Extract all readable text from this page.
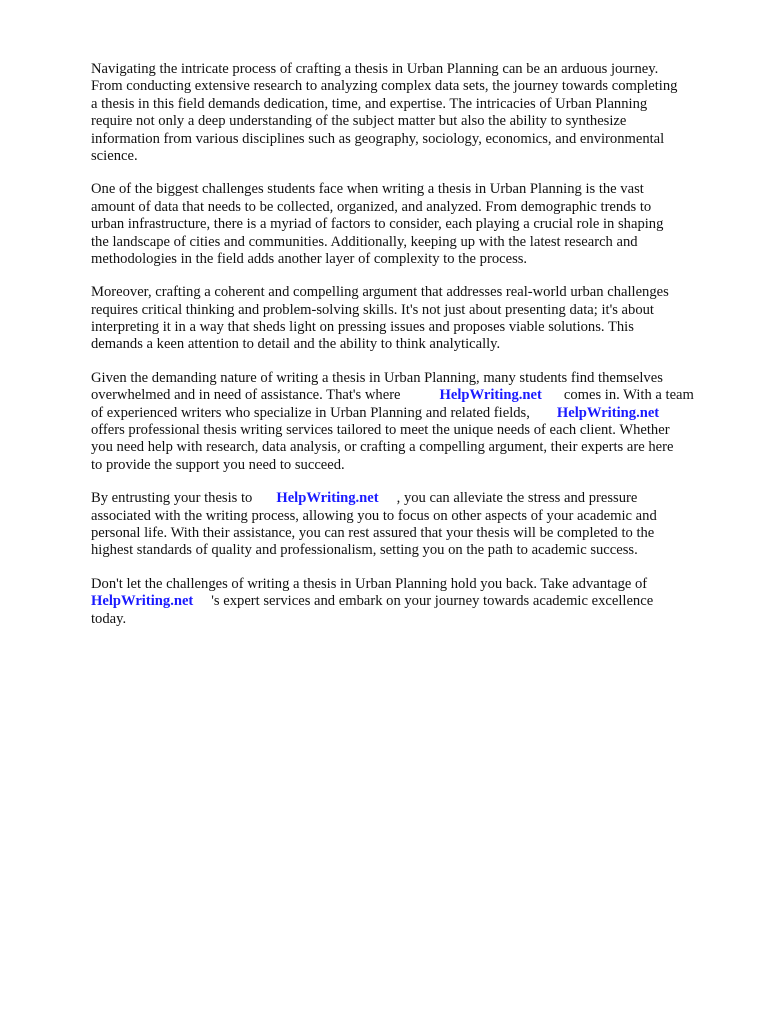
Navigating the intricate process of crafting a thesis in Urban Planning can be an arduous journey.
From conducting extensive research to analyzing complex data sets, the journey towards completing
a thesis in this field demands dedication, time, and expertise. The intricacies of Urban Planning
require not only a deep understanding of the subject matter but also the ability to synthesize
information from various disciplines such as geography, sociology, economics, and environmental
science.

One of the biggest challenges students face when writing a thesis in Urban Planning is the vast
amount of data that needs to be collected, organized, and analyzed. From demographic trends to
urban infrastructure, there is a myriad of factors to consider, each playing a crucial role in shaping
the landscape of cities and communities. Additionally, keeping up with the latest research and
methodologies in the field adds another layer of complexity to the process.

Moreover, crafting a coherent and compelling argument that addresses real-world urban challenges
requires critical thinking and problem-solving skills. It's not just about presenting data; it's about
interpreting it in a way that sheds light on pressing issues and proposes viable solutions. This
demands a keen attention to detail and the ability to think analytically.

Given the demanding nature of writing a thesis in Urban Planning, many students find themselves
overwhelmed and in need of assistance. That's where	HelpWriting.net comes in. With a team
of experienced writers who specialize in Urban Planning and related fields, HelpWriting.net
offers professional thesis writing services tailored to meet the unique needs of each client. Whether
you need help with research, data analysis, or crafting a compelling argument, their experts are here
to provide the support you need to succeed.

By entrusting your thesis to HelpWriting.net , you can alleviate the stress and pressure
associated with the writing process, allowing you to focus on other aspects of your academic and
personal life. With their assistance, you can rest assured that your thesis will be completed to the
highest standards of quality and professionalism, setting you on the path to academic success.

Don't let the challenges of writing a thesis in Urban Planning hold you back. Take advantage of
HelpWriting.net 's expert services and embark on your journey towards academic excellence
today.
